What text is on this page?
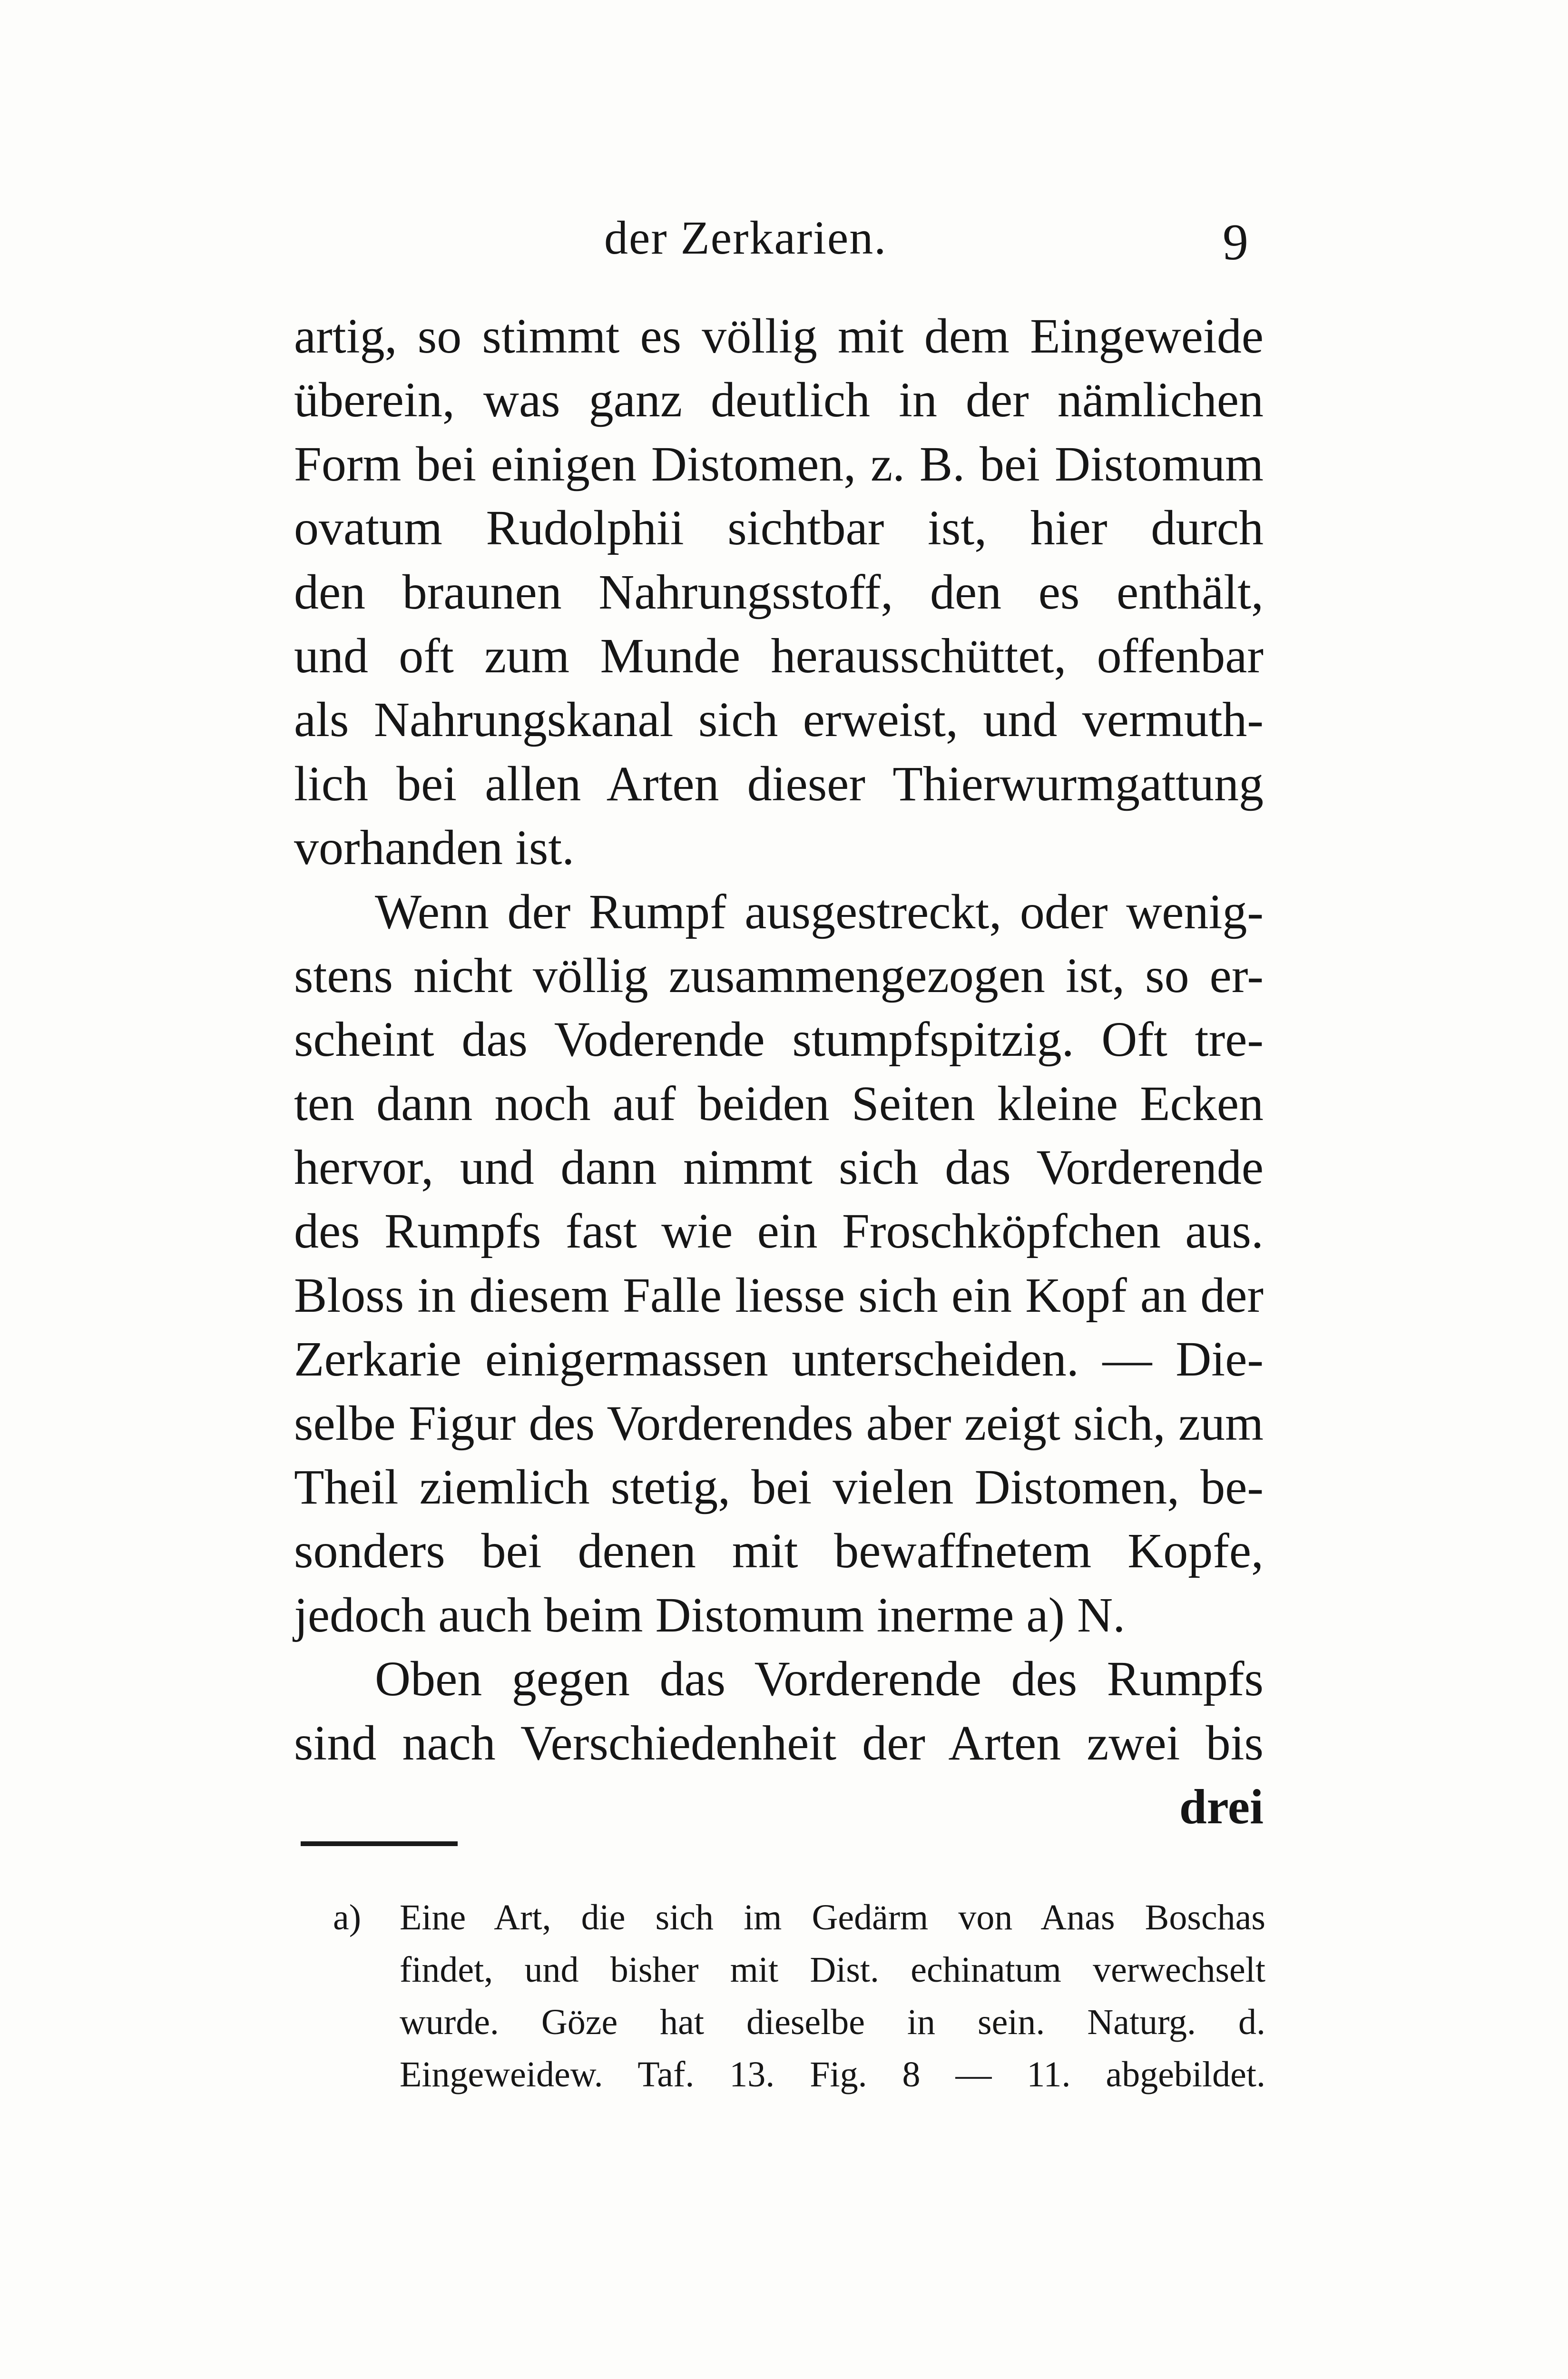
der Zerkarien.	9
artig, so stimmt es völlig mit dem Eingeweide
überein, was ganz deutlich in der nämlichen
Form bei einigen Distomen, z. B. bei Distomum
ovatum Rudolphii sichtbar ist, hier durch
den braunen Nahrungsstoff, den es enthält,
und oft zum Munde herausschüttet, offenbar
als Nahrungskanal sich erweist, und vermuth-
lich bei allen Arten dieser Thierwurmgattung
vorhanden ist.
Wenn der Rumpf ausgestreckt, oder wenig-
stens nicht völlig zusammengezogen ist, so er-
scheint das Voderende stumpfspitzig. Oft tre-
ten dann noch auf beiden Seiten kleine Ecken
hervor, und dann nimmt sich das Vorderende
des Rumpfs fast wie ein Froschköpfchen aus.
Bloss in diesem Falle liesse sich ein Kopf an der
Zerkarie einigermassen unterscheiden. — Die-
selbe Figur des Vorderendes aber zeigt sich, zum
Theil ziemlich stetig, bei vielen Distomen, be-
sonders bei denen mit bewaffnetem Kopfe,
jedoch auch beim Distomum inerme a) N.
Oben gegen das Vorderende des Rumpfs
sind nach Verschiedenheit der Arten zwei bis
drei
a) Eine Art, die sich im Gedärm von Anas Boschas
findet, und bisher mit Dist. echinatum verwechselt
wurde. Göze hat dieselbe in sein. Naturg. d.
Eingeweidew. Taf. 13. Fig. 8 — 11. abgebildet.
